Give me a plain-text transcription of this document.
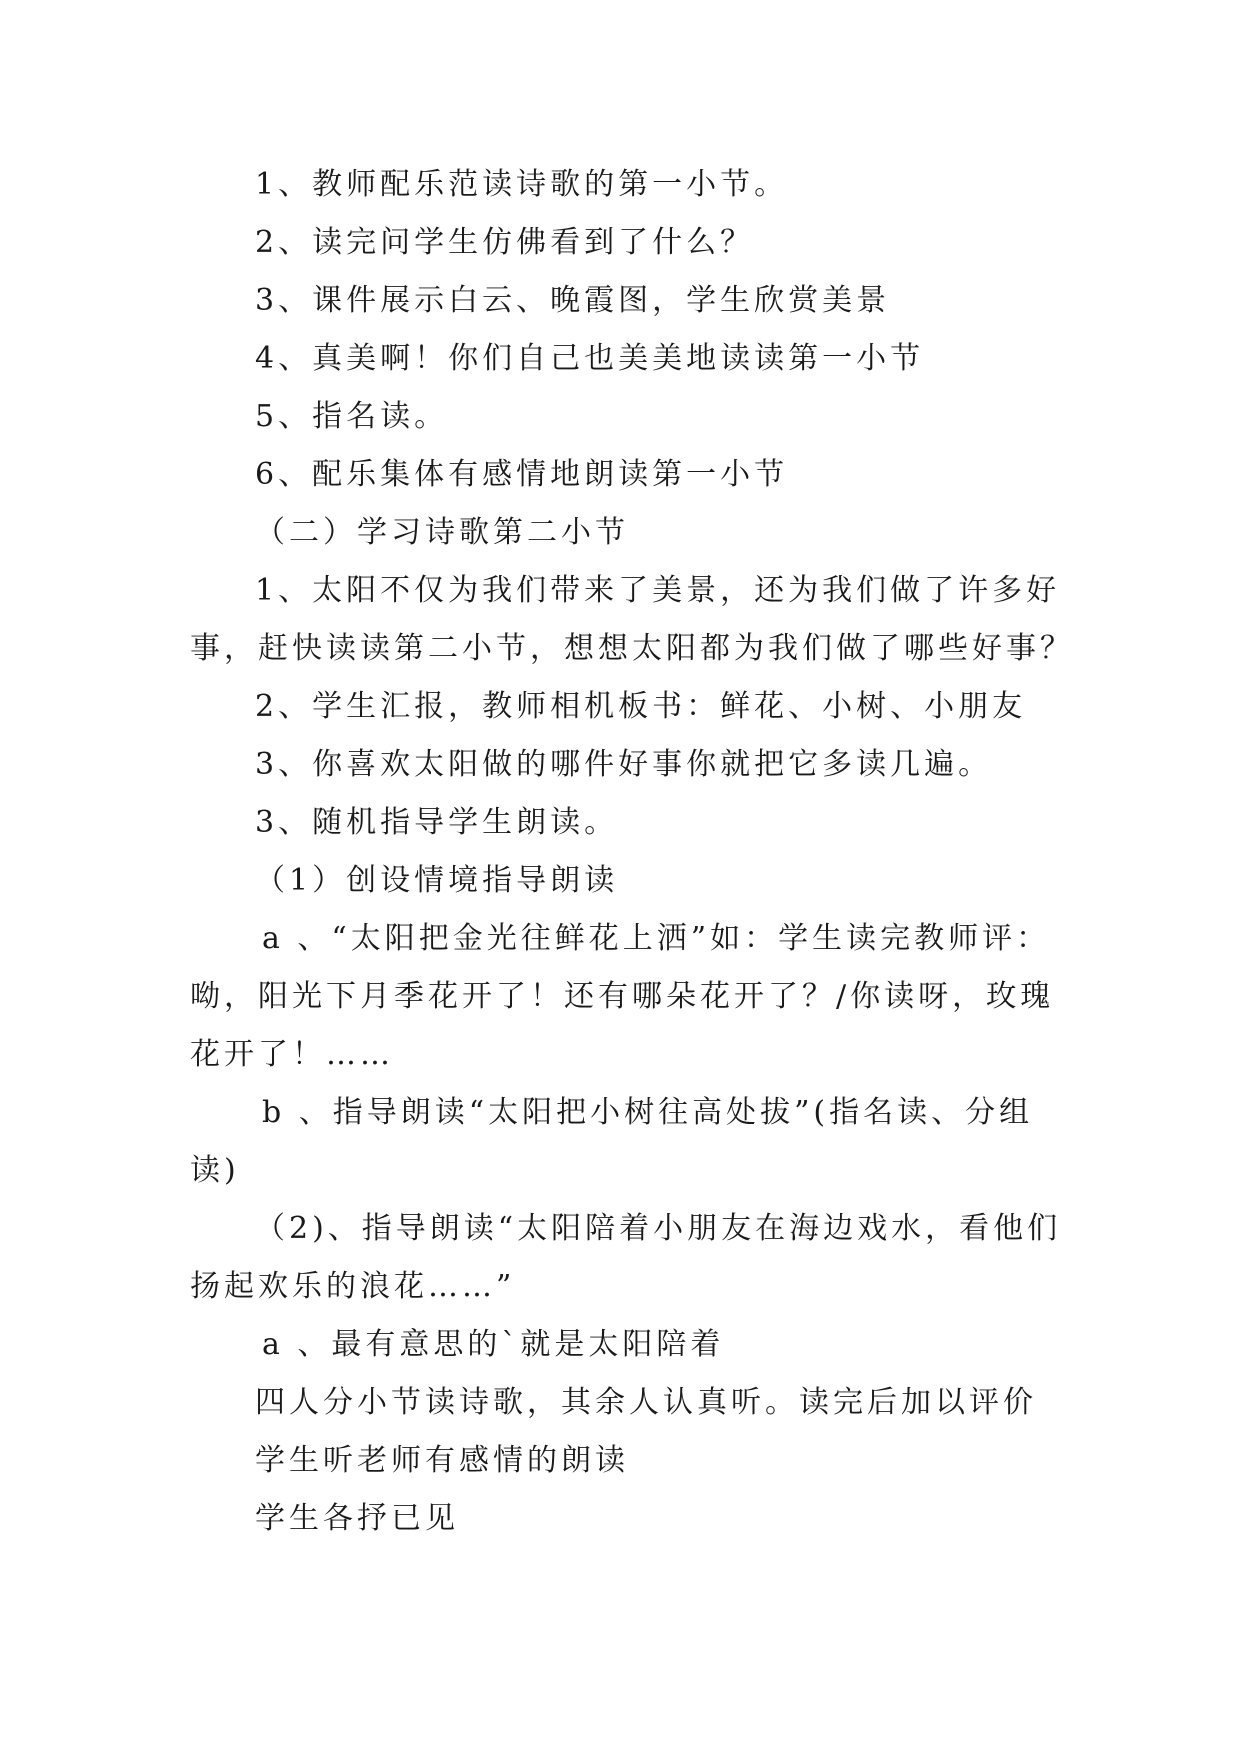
1、教师配乐范读诗歌的第一小节。
2、读完问学生仿佛看到了什么？
3、课件展示白云、晚霞图，学生欣赏美景
4、真美啊！你们自己也美美地读读第一小节
5、指名读。
6、配乐集体有感情地朗读第一小节
（二）学习诗歌第二小节
1、太阳不仅为我们带来了美景，还为我们做了许多好
事，赶快读读第二小节，想想太阳都为我们做了哪些好事？
2、学生汇报，教师相机板书：鲜花、小树、小朋友
3、你喜欢太阳做的哪件好事你就把它多读几遍。
3、随机指导学生朗读。
（1）创设情境指导朗读
a 、“太阳把金光往鲜花上洒”如：学生读完教师评：
呦，阳光下月季花开了！还有哪朵花开了？/你读呀，玫瑰
花开了！……
b 、指导朗读“太阳把小树往高处拔”(指名读、分组
读)
（2)、指导朗读“太阳陪着小朋友在海边戏水，看他们
扬起欢乐的浪花……”
a 、最有意思的`就是太阳陪着
四人分小节读诗歌，其余人认真听。读完后加以评价
学生听老师有感情的朗读
学生各抒已见
